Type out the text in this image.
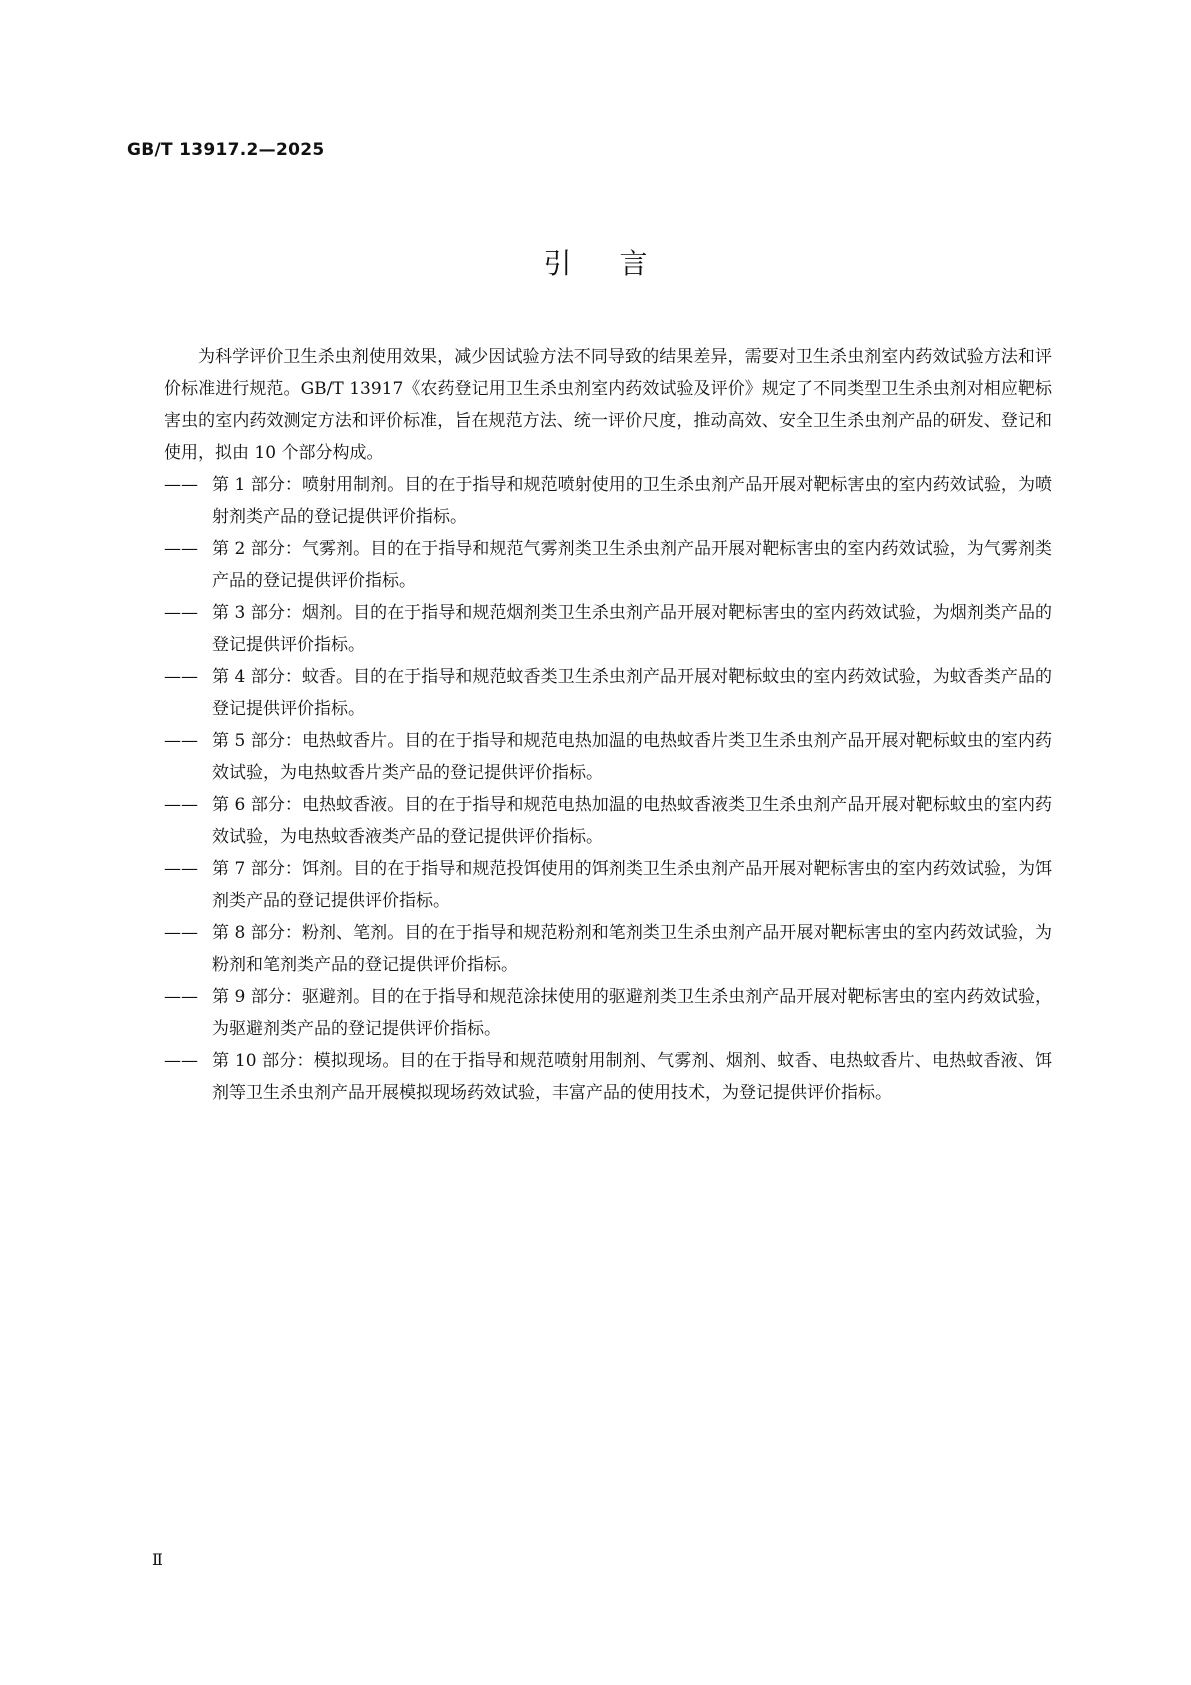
GB/T 13917.2—2025
引言

为科学评价卫生杀虫剂使用效果，减少因试验方法不同导致的结果差异，需要对卫生杀虫剂室内药效试验方法和评价标准进行规范。GB/T 13917《农药登记用卫生杀虫剂室内药效试验及评价》规定了不同类型卫生杀虫剂对相应靶标害虫的室内药效测定方法和评价标准，旨在规范方法、统一评价尺度，推动高效、安全卫生杀虫剂产品的研发、登记和使用，拟由 10 个部分构成。

—— 第 1 部分：喷射用制剂。目的在于指导和规范喷射使用的卫生杀虫剂产品开展对靶标害虫的室内药效试验，为喷射剂类产品的登记提供评价指标。

—— 第 2 部分：气雾剂。目的在于指导和规范气雾剂类卫生杀虫剂产品开展对靶标害虫的室内药效试验，为气雾剂类产品的登记提供评价指标。

—— 第 3 部分：烟剂。目的在于指导和规范烟剂类卫生杀虫剂产品开展对靶标害虫的室内药效试验，为烟剂类产品的登记提供评价指标。

—— 第 4 部分：蚊香。目的在于指导和规范蚊香类卫生杀虫剂产品开展对靶标蚊虫的室内药效试验，为蚊香类产品的登记提供评价指标。

—— 第 5 部分：电热蚊香片。目的在于指导和规范电热加温的电热蚊香片类卫生杀虫剂产品开展对靶标蚊虫的室内药效试验，为电热蚊香片类产品的登记提供评价指标。

—— 第 6 部分：电热蚊香液。目的在于指导和规范电热加温的电热蚊香液类卫生杀虫剂产品开展对靶标蚊虫的室内药效试验，为电热蚊香液类产品的登记提供评价指标。

—— 第 7 部分：饵剂。目的在于指导和规范投饵使用的饵剂类卫生杀虫剂产品开展对靶标害虫的室内药效试验，为饵剂类产品的登记提供评价指标。

—— 第 8 部分：粉剂、笔剂。目的在于指导和规范粉剂和笔剂类卫生杀虫剂产品开展对靶标害虫的室内药效试验，为粉剂和笔剂类产品的登记提供评价指标。

—— 第 9 部分：驱避剂。目的在于指导和规范涂抹使用的驱避剂类卫生杀虫剂产品开展对靶标害虫的室内药效试验，为驱避剂类产品的登记提供评价指标。

—— 第 10 部分：模拟现场。目的在于指导和规范喷射用制剂、气雾剂、烟剂、蚊香、电热蚊香片、电热蚊香液、饵剂等卫生杀虫剂产品开展模拟现场药效试验，丰富产品的使用技术，为登记提供评价指标。

Ⅱ
